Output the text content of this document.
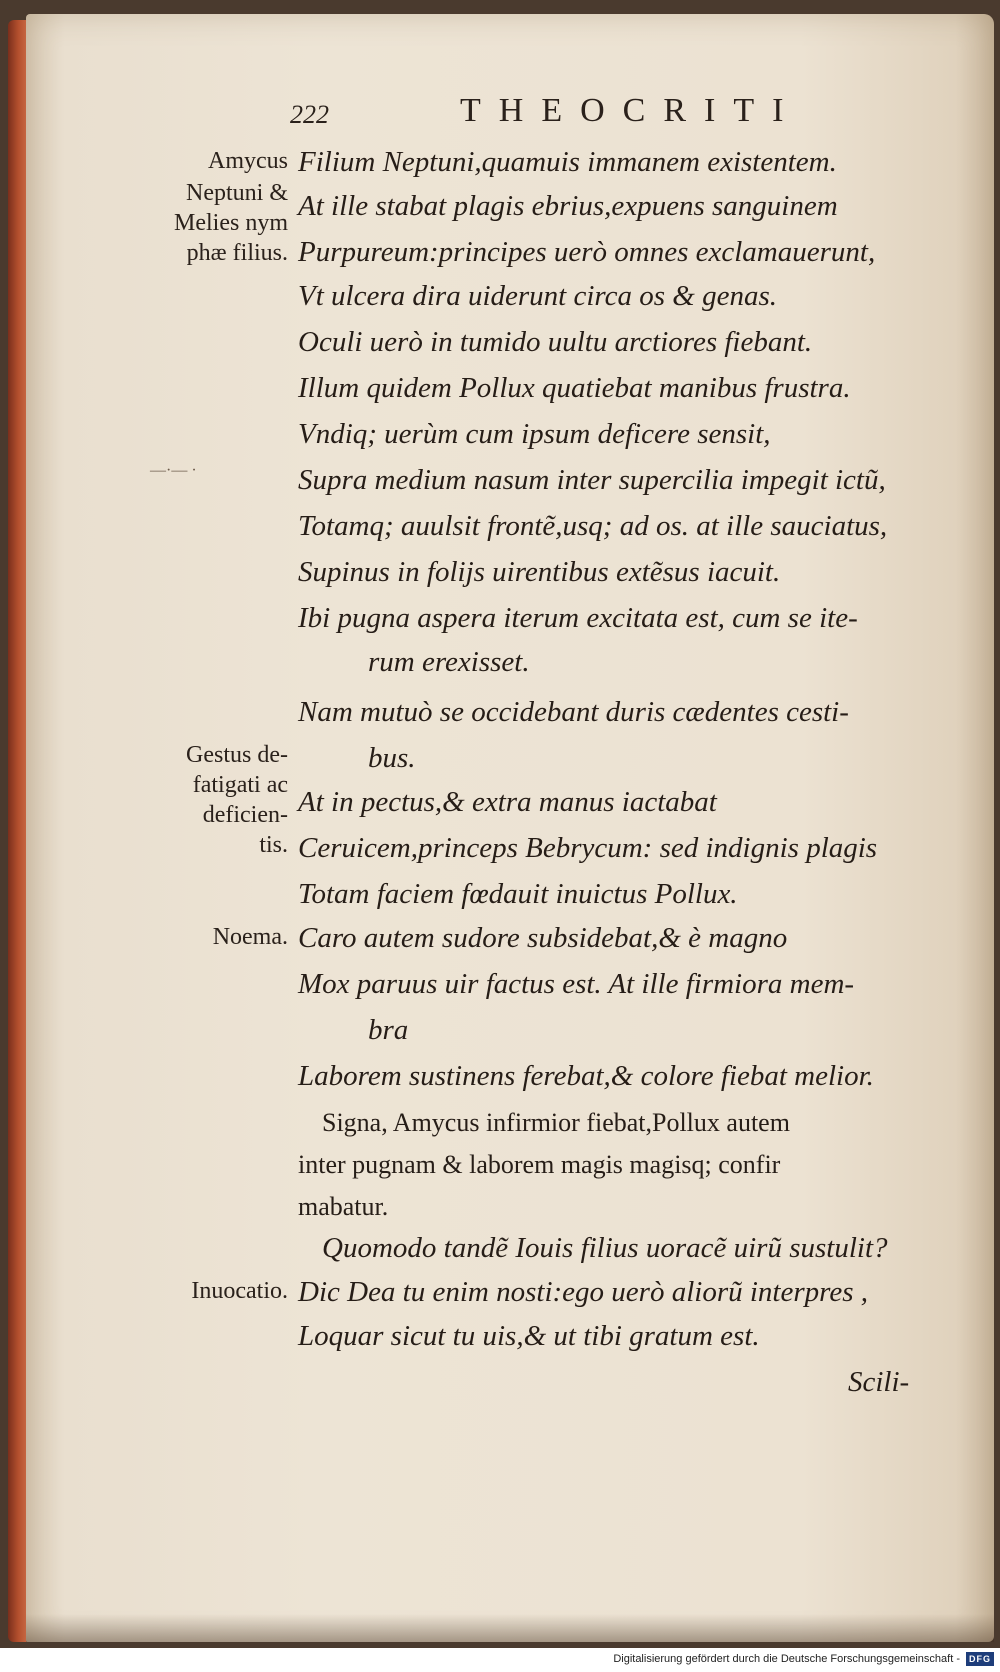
222	THEOCRITI
Amycus
Neptuni &
Melies nym
phæ filius.
—·— ·
Gestus de-
fatigati ac
deficien-
tis.
Noema.
Inuocatio.
Filium Neptuni,quamuis immanem existentem.
At ille stabat plagis ebrius,expuens sanguinem
Purpureum:principes uerò omnes exclamauerunt,
Vt ulcera dira uiderunt circa os & genas.
Oculi uerò in tumido uultu arctiores fiebant.
Illum quidem Pollux quatiebat manibus frustra.
Vndiq; uerùm cum ipsum deficere sensit,
Supra medium nasum inter supercilia impegit ictũ,
Totamq; auulsit frontẽ,usq; ad os. at ille sauciatus,
Supinus in folijs uirentibus extẽsus iacuit.
Ibi pugna aspera iterum excitata est, cum se ite-
rum erexisset.
Nam mutuò se occidebant duris cædentes cesti-
bus.
At in pectus,& extra manus iactabat
Ceruicem,princeps Bebrycum: sed indignis plagis
Totam faciem fœdauit inuictus Pollux.
Caro autem sudore subsidebat,& è magno
Mox paruus uir factus est. At ille firmiora mem-
bra
Laborem sustinens ferebat,& colore fiebat melior.
Signa, Amycus infirmior fiebat,Pollux autem
inter pugnam & laborem magis magisq; confir
mabatur.
Quomodo tandẽ Iouis filius uoracẽ uirũ sustulit?
Dic Dea tu enim nosti:ego uerò aliorũ interpres ,
Loquar sicut tu uis,& ut tibi gratum est.
Scili-
Digitalisierung gefördert durch die Deutsche Forschungsgemeinschaft -	DFG
